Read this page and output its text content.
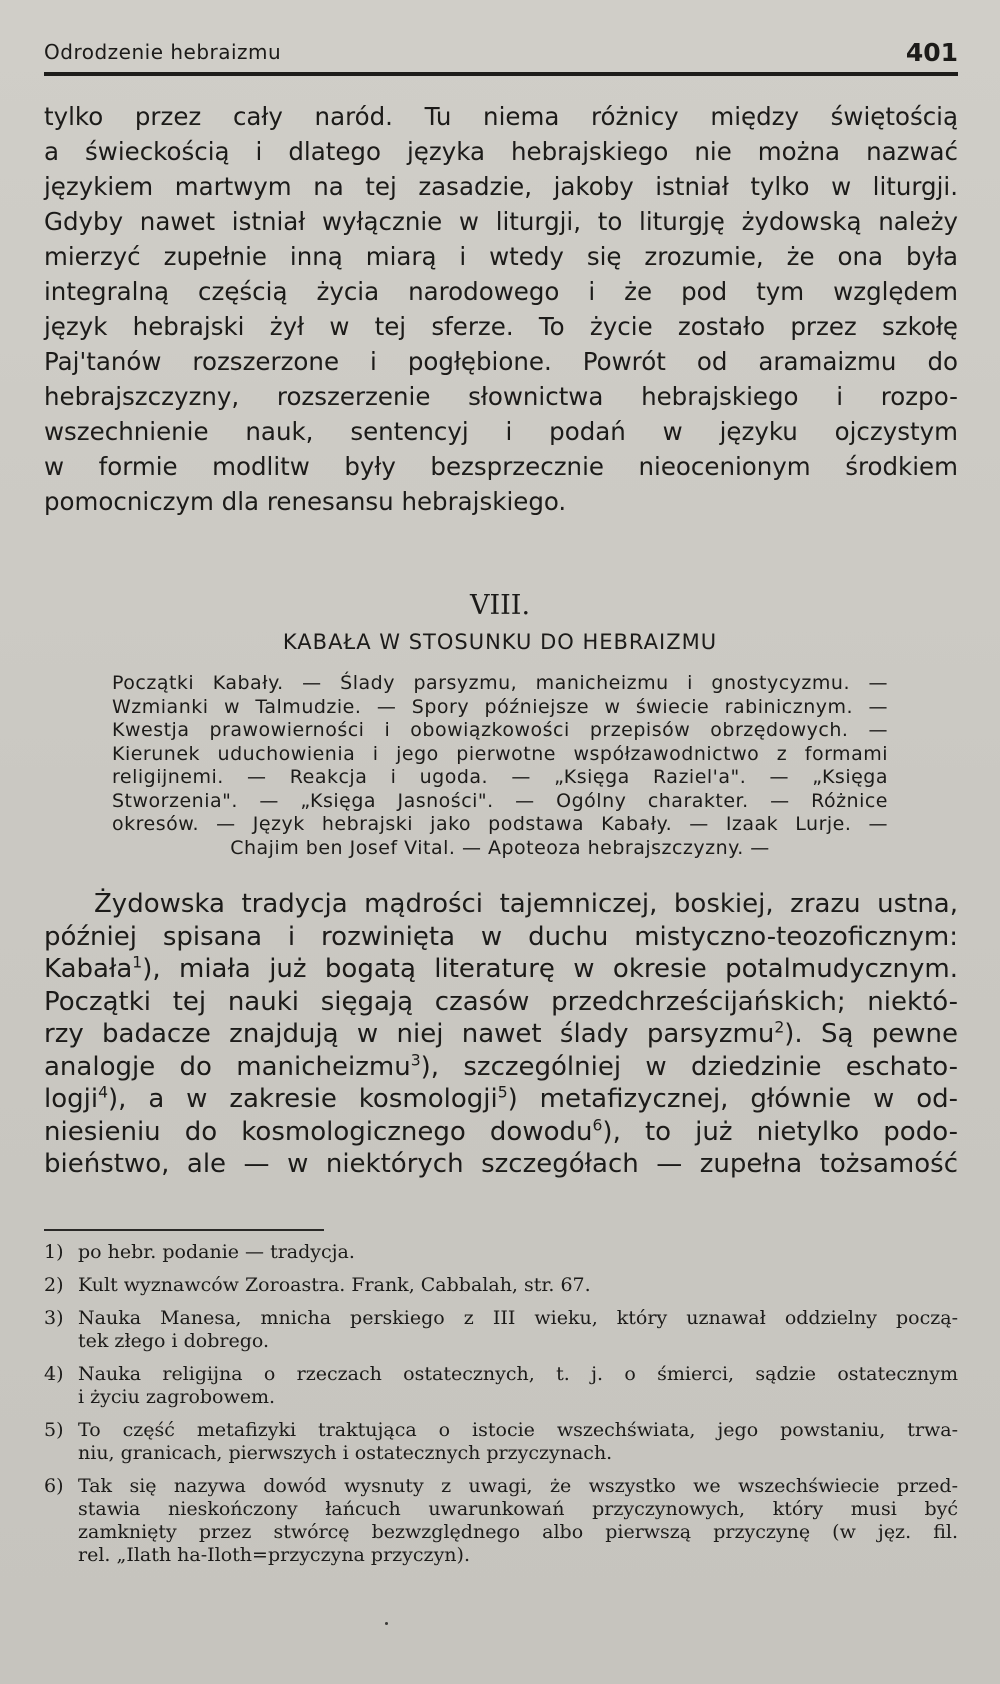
Odrodzenie hebraizmu	401
tylko przez cały naród. Tu niema różnicy między świętością
a świeckością i dlatego języka hebrajskiego nie można nazwać
językiem martwym na tej zasadzie, jakoby istniał tylko w liturgji.
Gdyby nawet istniał wyłącznie w liturgji, to liturgję żydowską należy
mierzyć zupełnie inną miarą i wtedy się zrozumie, że ona była
integralną częścią życia narodowego i że pod tym względem
język hebrajski żył w tej sferze. To życie zostało przez szkołę
Paj'tanów rozszerzone i pogłębione. Powrót od aramaizmu do
hebrajszczyzny, rozszerzenie słownictwa hebrajskiego i rozpo-
wszechnienie nauk, sentencyj i podań w języku ojczystym
w formie modlitw były bezsprzecznie nieocenionym środkiem
pomocniczym dla renesansu hebrajskiego.
VIII.
KABAŁA W STOSUNKU DO HEBRAIZMU
Początki Kabały. — Ślady parsyzmu, manicheizmu i gnostycyzmu. —
Wzmianki w Talmudzie. — Spory późniejsze w świecie rabinicznym. —
Kwestja prawowierności i obowiązkowości przepisów obrzędowych. —
Kierunek uduchowienia i jego pierwotne współzawodnictwo z formami
religijnemi. — Reakcja i ugoda. — „Księga Raziel'a". — „Księga
Stworzenia". — „Księga Jasności". — Ogólny charakter. — Różnice
okresów. — Język hebrajski jako podstawa Kabały. — Izaak Lurje. —
Chajim ben Josef Vital. — Apoteoza hebrajszczyzny. —
Żydowska tradycja mądrości tajemniczej, boskiej, zrazu ustna,
później spisana i rozwinięta w duchu mistyczno-teozoficznym:
Kabała$^1$), miała już bogatą literaturę w okresie potalmudycznym.
Początki tej nauki sięgają czasów przedchrześcijańskich; niektó-
rzy badacze znajdują w niej nawet ślady parsyzmu$^2$). Są pewne
analogje do manicheizmu$^3$), szczególniej w dziedzinie eschato-
logji$^4$), a w zakresie kosmologji$^5$) metafizycznej, głównie w od-
niesieniu do kosmologicznego dowodu$^6$), to już nietylko podo-
bieństwo, ale — w niektórych szczegółach — zupełna tożsamość
1) po hebr. podanie — tradycja.
2) Kult wyznawców Zoroastra. Frank, Cabbalah, str. 67.
3) Nauka Manesa, mnicha perskiego z III wieku, który uznawał oddzielny począ-
tek złego i dobrego.
4) Nauka religijna o rzeczach ostatecznych, t. j. o śmierci, sądzie ostatecznym
i życiu zagrobowem.
5) To część metafizyki traktująca o istocie wszechświata, jego powstaniu, trwa-
niu, granicach, pierwszych i ostatecznych przyczynach.
6) Tak się nazywa dowód wysnuty z uwagi, że wszystko we wszechświecie przed-
stawia nieskończony łańcuch uwarunkowań przyczynowych, który musi być
zamknięty przez stwórcę bezwzględnego albo pierwszą przyczynę (w jęz. fil.
rel. „Ilath ha-Iloth=przyczyna przyczyn).
